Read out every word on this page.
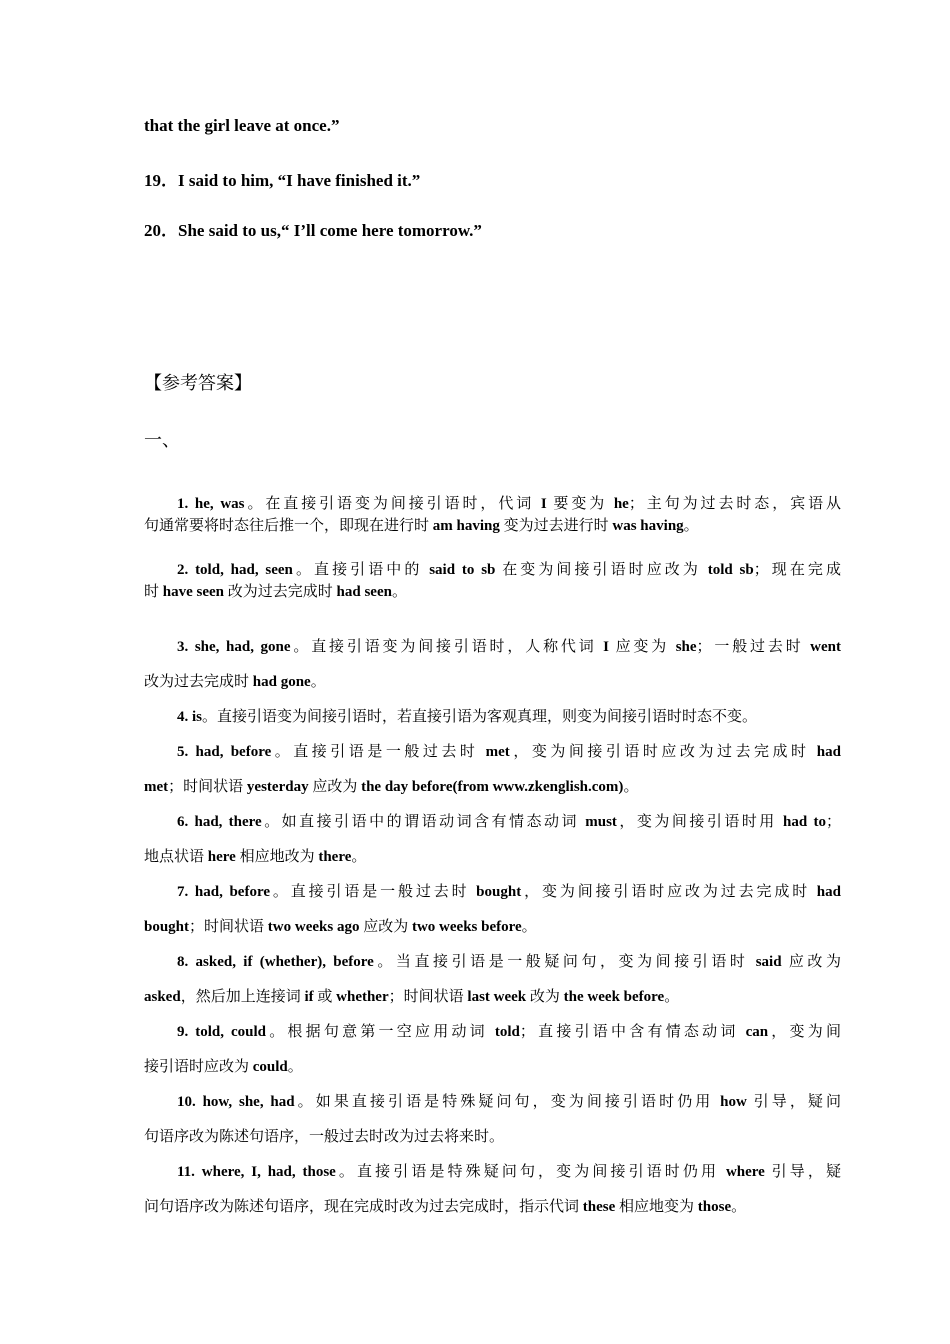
that the girl leave at once.”
19．I said to him, “I have finished it.”
20．She said to us,“ I’ll come here tomorrow.”
【参考答案】
一、
1. he, was。在直接引语变为间接引语时，代词 I 要变为 he；主句为过去时态，宾语从
句通常要将时态往后推一个，即现在进行时 am having 变为过去进行时 was having。
2. told, had, seen。直接引语中的 said to sb 在变为间接引语时应改为 told sb；现在完成
时 have seen 改为过去完成时 had seen。
3. she, had, gone。直接引语变为间接引语时，人称代词 I 应变为 she；一般过去时 went
改为过去完成时 had gone。
4. is。直接引语变为间接引语时，若直接引语为客观真理，则变为间接引语时时态不变。
5. had, before。直接引语是一般过去时 met，变为间接引语时应改为过去完成时 had
met；时间状语 yesterday 应改为 the day before(from www.zkenglish.com)。
6. had, there。如直接引语中的谓语动词含有情态动词 must，变为间接引语时用 had to；
地点状语 here 相应地改为 there。
7. had, before。直接引语是一般过去时 bought，变为间接引语时应改为过去完成时 had
bought；时间状语 two weeks ago 应改为 two weeks before。
8. asked, if (whether), before。当直接引语是一般疑问句，变为间接引语时 said 应改为
asked，然后加上连接词 if 或 whether；时间状语 last week 改为 the week before。
9. told, could。根据句意第一空应用动词 told；直接引语中含有情态动词 can，变为间
接引语时应改为 could。
10. how, she, had。如果直接引语是特殊疑问句，变为间接引语时仍用 how 引导，疑问
句语序改为陈述句语序，一般过去时改为过去将来时。
11. where, I, had, those。直接引语是特殊疑问句，变为间接引语时仍用 where 引导，疑
问句语序改为陈述句语序，现在完成时改为过去完成时，指示代词 these 相应地变为 those。
